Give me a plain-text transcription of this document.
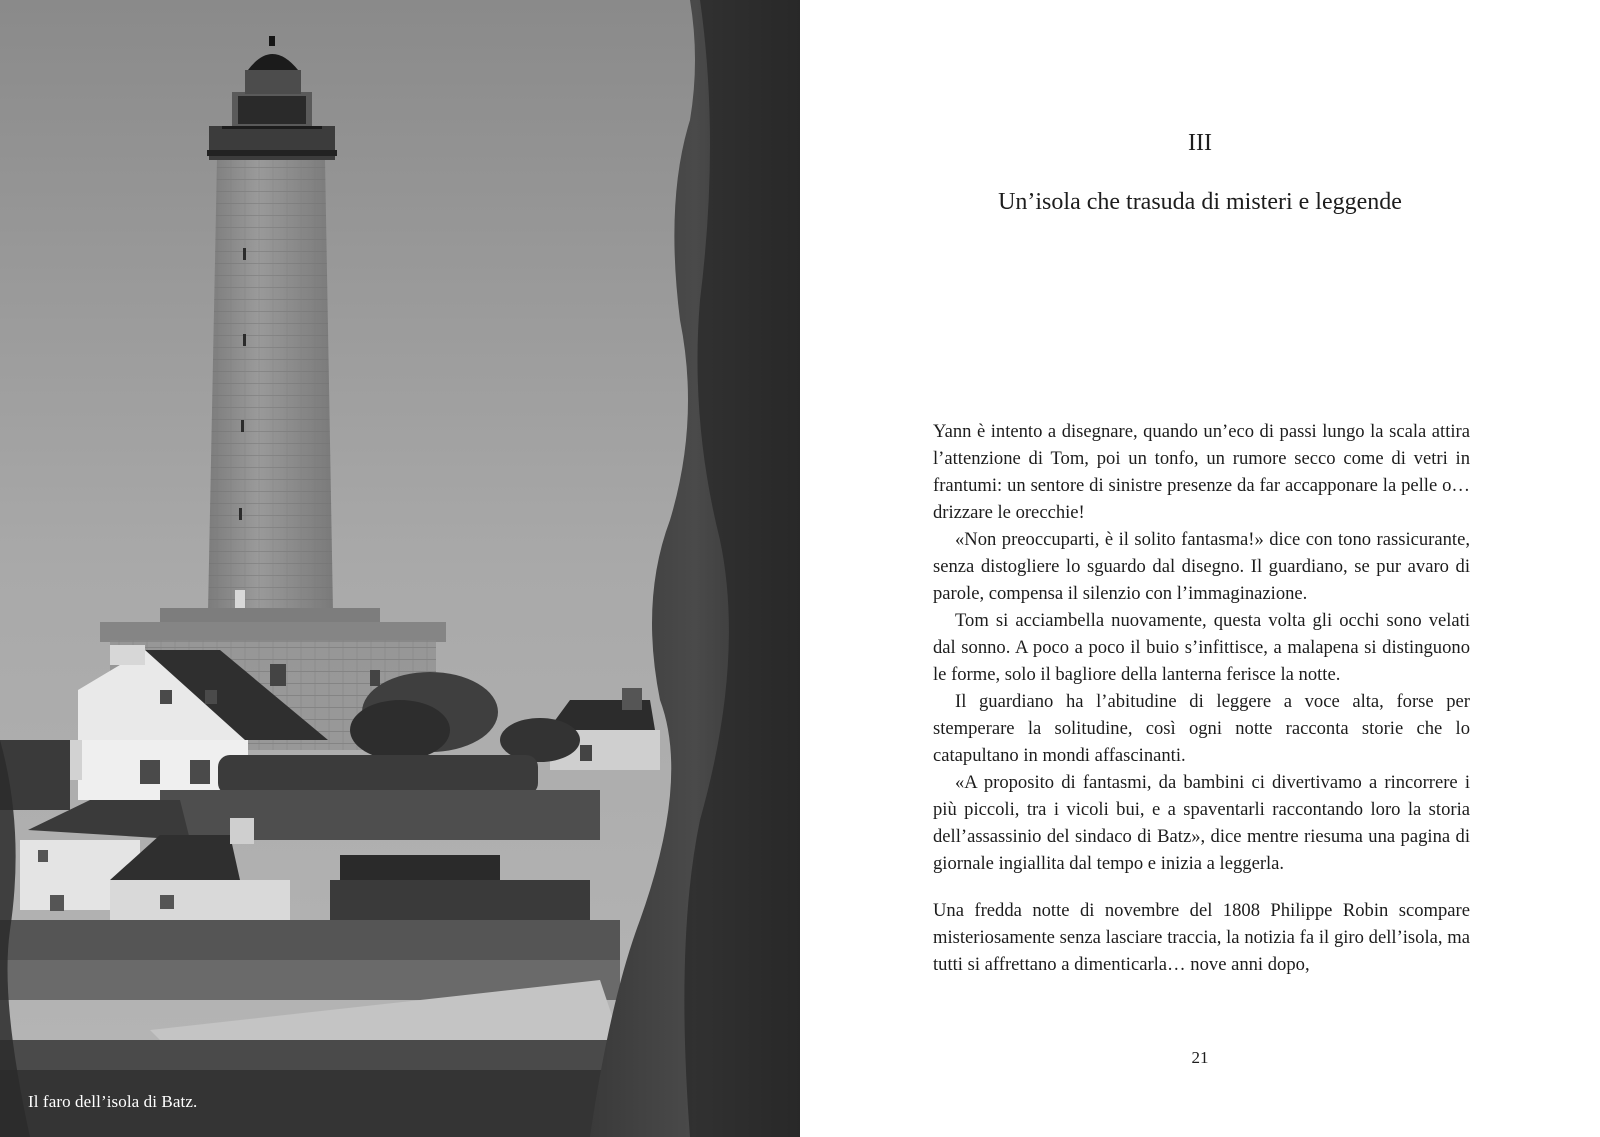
Il faro dell’isola di Batz.
III
Un’isola che trasuda di misteri e leggende

Yann è intento a disegnare, quando un’eco di passi lungo la scala attira l’attenzione di Tom, poi un tonfo, un rumore secco come di vetri in frantumi: un sentore di sinistre presenze da far accapponare la pelle o… drizzare le orecchie!

«Non preoccuparti, è il solito fantasma!» dice con tono rassicurante, senza distogliere lo sguardo dal disegno. Il guardiano, se pur avaro di parole, compensa il silenzio con l’immaginazione.

Tom si acciambella nuovamente, questa volta gli occhi sono velati dal sonno. A poco a poco il buio s’infittisce, a malapena si distinguono le forme, solo il bagliore della lanterna ferisce la notte.

Il guardiano ha l’abitudine di leggere a voce alta, forse per stemperare la solitudine, così ogni notte racconta storie che lo catapultano in mondi affascinanti.

«A proposito di fantasmi, da bambini ci divertivamo a rincorrere i più piccoli, tra i vicoli bui, e a spaventarli raccontando loro la storia dell’assassinio del sindaco di Batz», dice mentre riesuma una pagina di giornale ingiallita dal tempo e inizia a leggerla.

Una fredda notte di novembre del 1808 Philippe Robin scompare misteriosamente senza lasciare traccia, la notizia fa il giro dell’isola, ma tutti si affrettano a dimenticarla… nove anni dopo,

21
